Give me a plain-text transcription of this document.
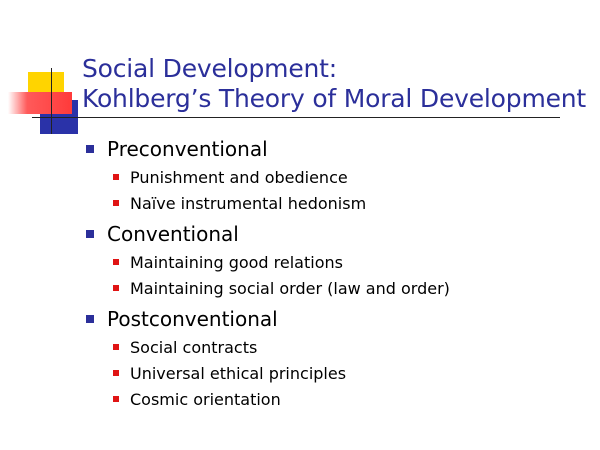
Social Development:
Kohlberg’s Theory of Moral Development
Preconventional
Punishment and obedience
Naïve instrumental hedonism
Conventional
Maintaining good relations
Maintaining social order (law and order)
Postconventional
Social contracts
Universal ethical principles
Cosmic orientation
